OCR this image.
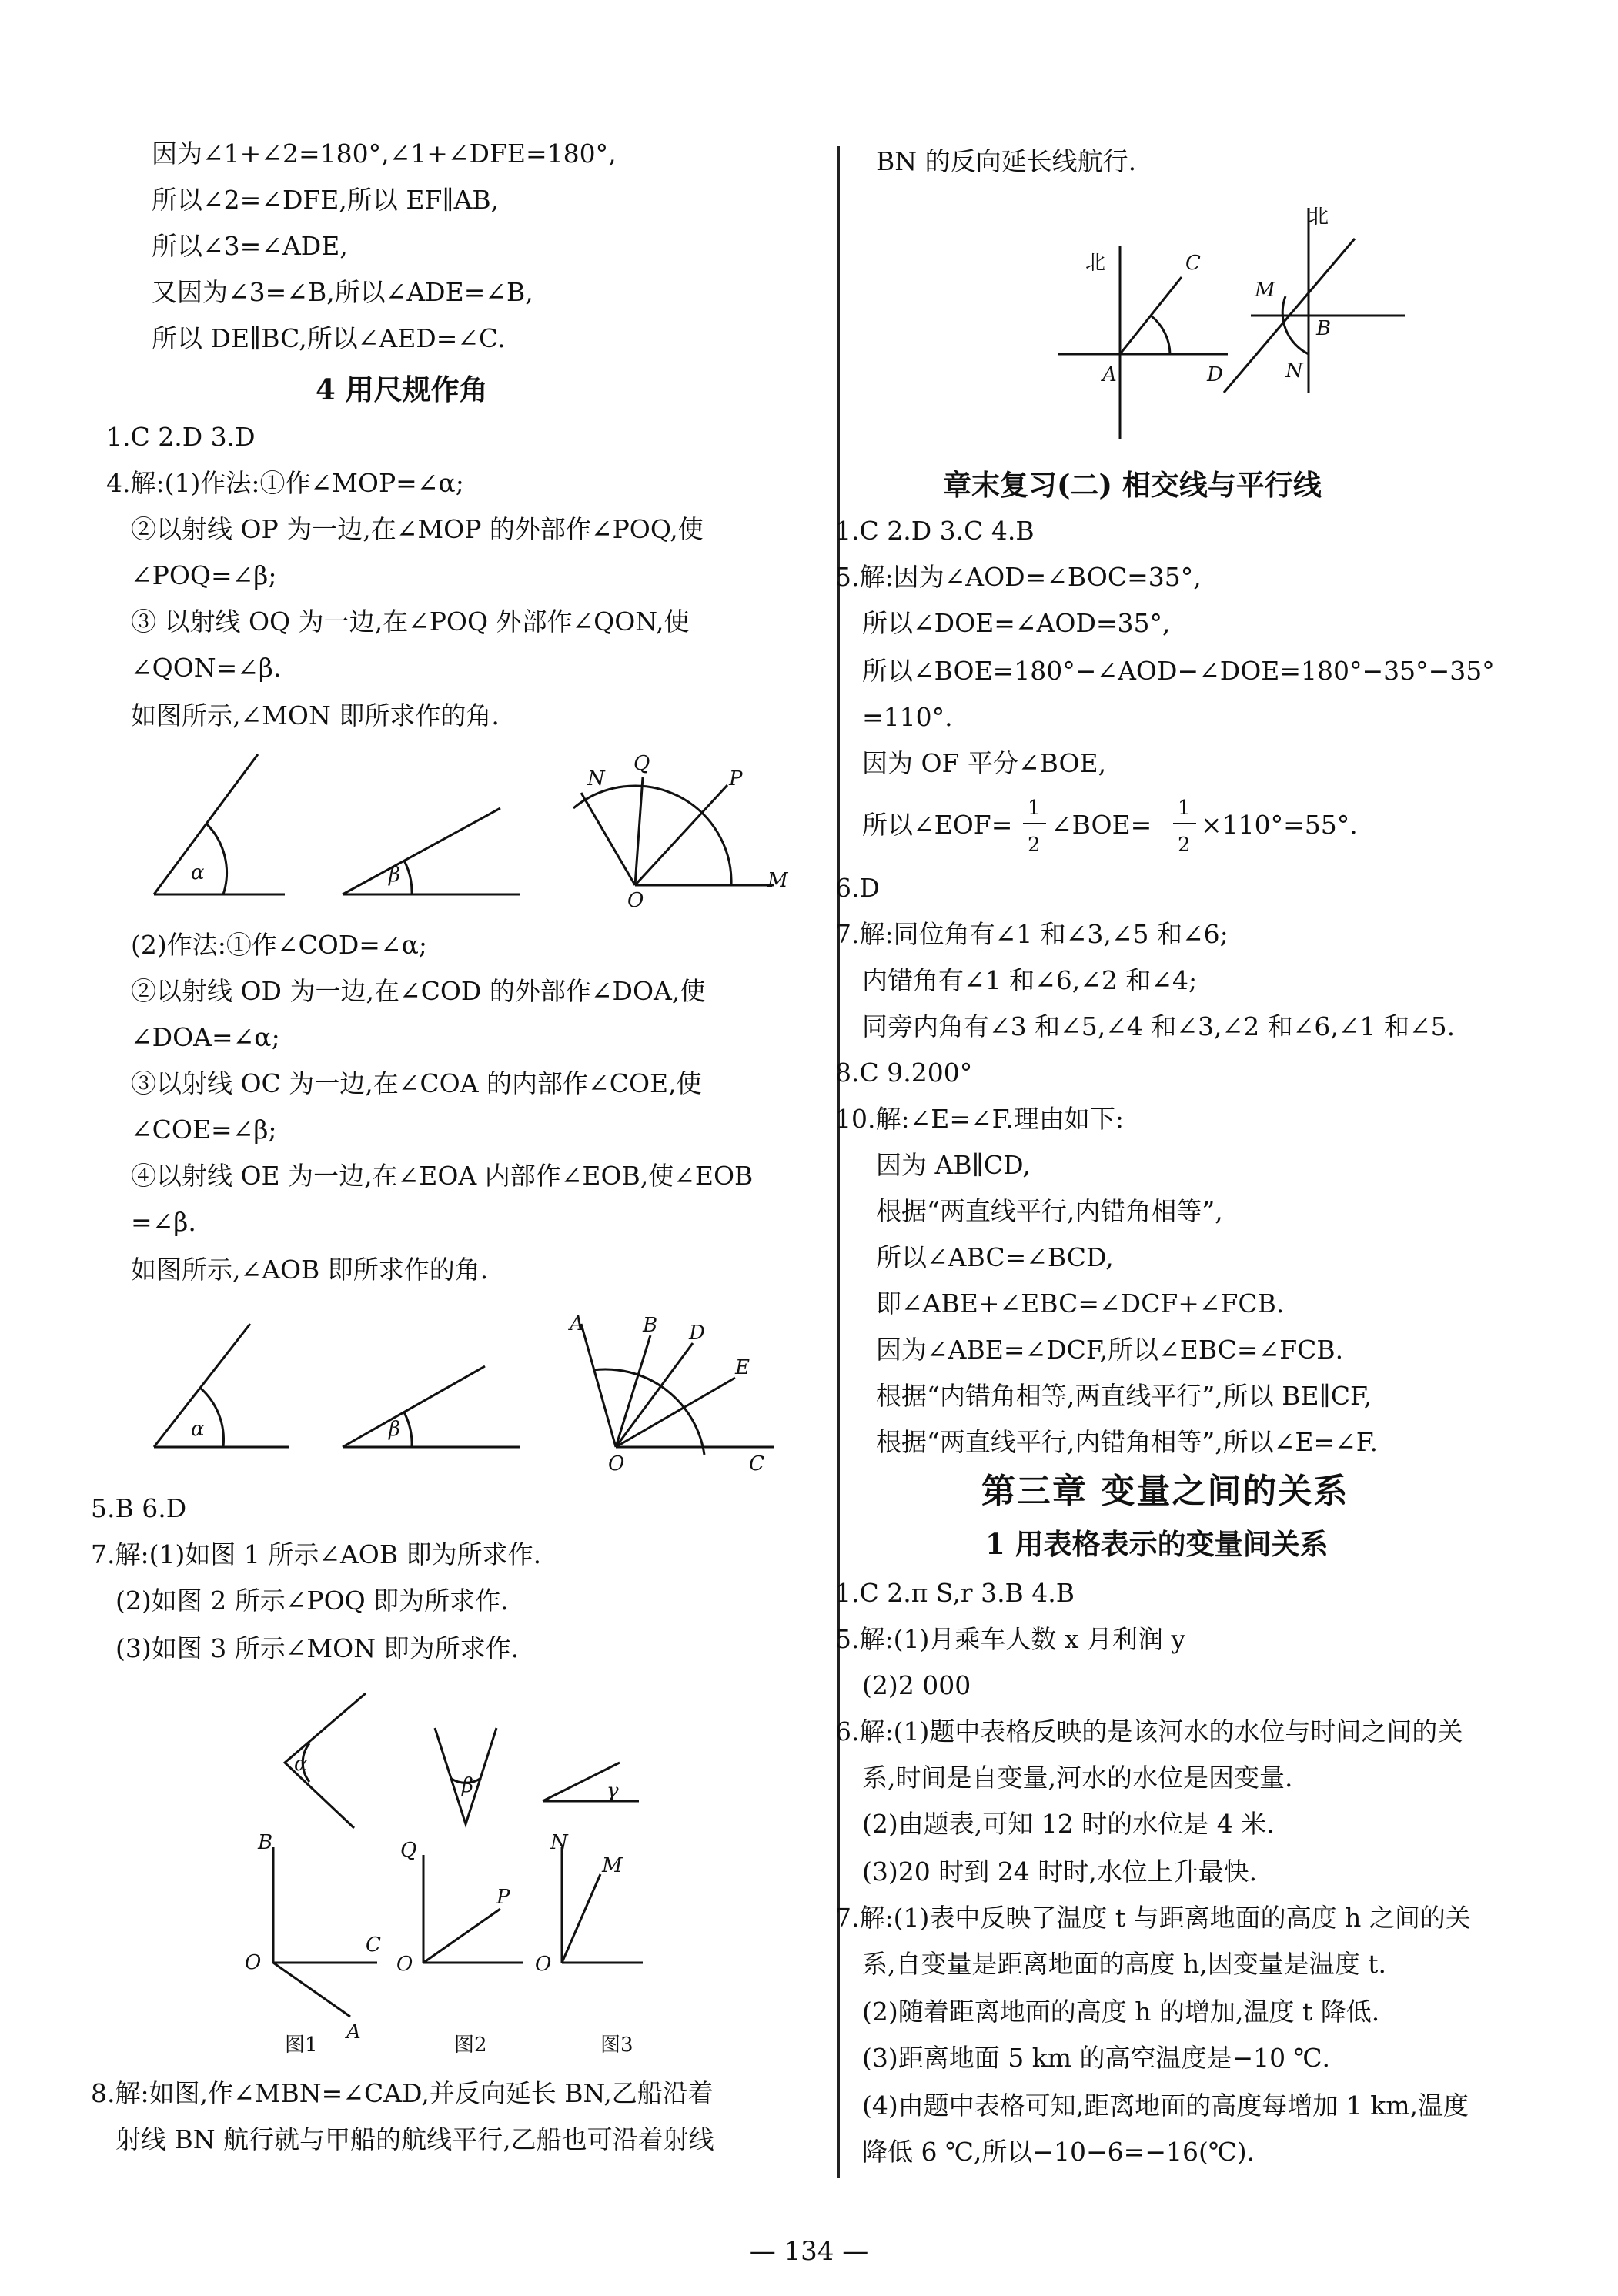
因为∠1+∠2=180°,∠1+∠DFE=180°,
所以∠2=∠DFE,所以 EF∥AB,
所以∠3=∠ADE,
又因为∠3=∠B,所以∠ADE=∠B,
所以 DE∥BC,所以∠AED=∠C.
4 用尺规作角
1.C 2.D 3.D
4.解:(1)作法:①作∠MOP=∠α;
②以射线 OP 为一边,在∠MOP 的外部作∠POQ,使
∠POQ=∠β;
③ 以射线 OQ 为一边,在∠POQ 外部作∠QON,使
∠QON=∠β.
如图所示,∠MON 即所求作的角.
α	β
N
Q
P
O
M
(2)作法:①作∠COD=∠α;
②以射线 OD 为一边,在∠COD 的外部作∠DOA,使
∠DOA=∠α;
③以射线 OC 为一边,在∠COA 的内部作∠COE,使
∠COE=∠β;
④以射线 OE 为一边,在∠EOA 内部作∠EOB,使∠EOB
=∠β.
如图所示,∠AOB 即所求作的角.
α	β
A	B D
E
O	C
5.B 6.D
7.解:(1)如图 1 所示∠AOB 即为所求作.
(2)如图 2 所示∠POQ 即为所求作.
(3)如图 3 所示∠MON 即为所求作.
α
β	γ
B
C
O
A
Q
P
O
N
M
O
图1	图2	图3
8.解:如图,作∠MBN=∠CAD,并反向延长 BN,乙船沿着
射线 BN 航行就与甲船的航线平行,乙船也可沿着射线
BN 的反向延长线航行.
北	C
D
A
北
M
B
N
章末复习(二) 相交线与平行线
1.C 2.D 3.C 4.B
5.解:因为∠AOD=∠BOC=35°,
所以∠DOE=∠AOD=35°,
所以∠BOE=180°−∠AOD−∠DOE=180°−35°−35°
=110°.
因为 OF 平分∠BOE,
所以∠EOF=
1
2
∠BOE=
1
2
×110°=55°.
6.D
7.解:同位角有∠1 和∠3,∠5 和∠6;
内错角有∠1 和∠6,∠2 和∠4;
同旁内角有∠3 和∠5,∠4 和∠3,∠2 和∠6,∠1 和∠5.
8.C 9.200°
10.解:∠E=∠F.理由如下:
因为 AB∥CD,
根据“两直线平行,内错角相等”,
所以∠ABC=∠BCD,
即∠ABE+∠EBC=∠DCF+∠FCB.
因为∠ABE=∠DCF,所以∠EBC=∠FCB.
根据“内错角相等,两直线平行”,所以 BE∥CF,
根据“两直线平行,内错角相等”,所以∠E=∠F.
第三章 变量之间的关系
1 用表格表示的变量间关系
1.C 2.π S,r 3.B 4.B
5.解:(1)月乘车人数 x 月利润 y
(2)2 000
6.解:(1)题中表格反映的是该河水的水位与时间之间的关
系,时间是自变量,河水的水位是因变量.
(2)由题表,可知 12 时的水位是 4 米.
(3)20 时到 24 时时,水位上升最快.
7.解:(1)表中反映了温度 t 与距离地面的高度 h 之间的关
系,自变量是距离地面的高度 h,因变量是温度 t.
(2)随着距离地面的高度 h 的增加,温度 t 降低.
(3)距离地面 5 km 的高空温度是−10 ℃.
(4)由题中表格可知,距离地面的高度每增加 1 km,温度
降低 6 ℃,所以−10−6=−16(℃).
— 134 —
